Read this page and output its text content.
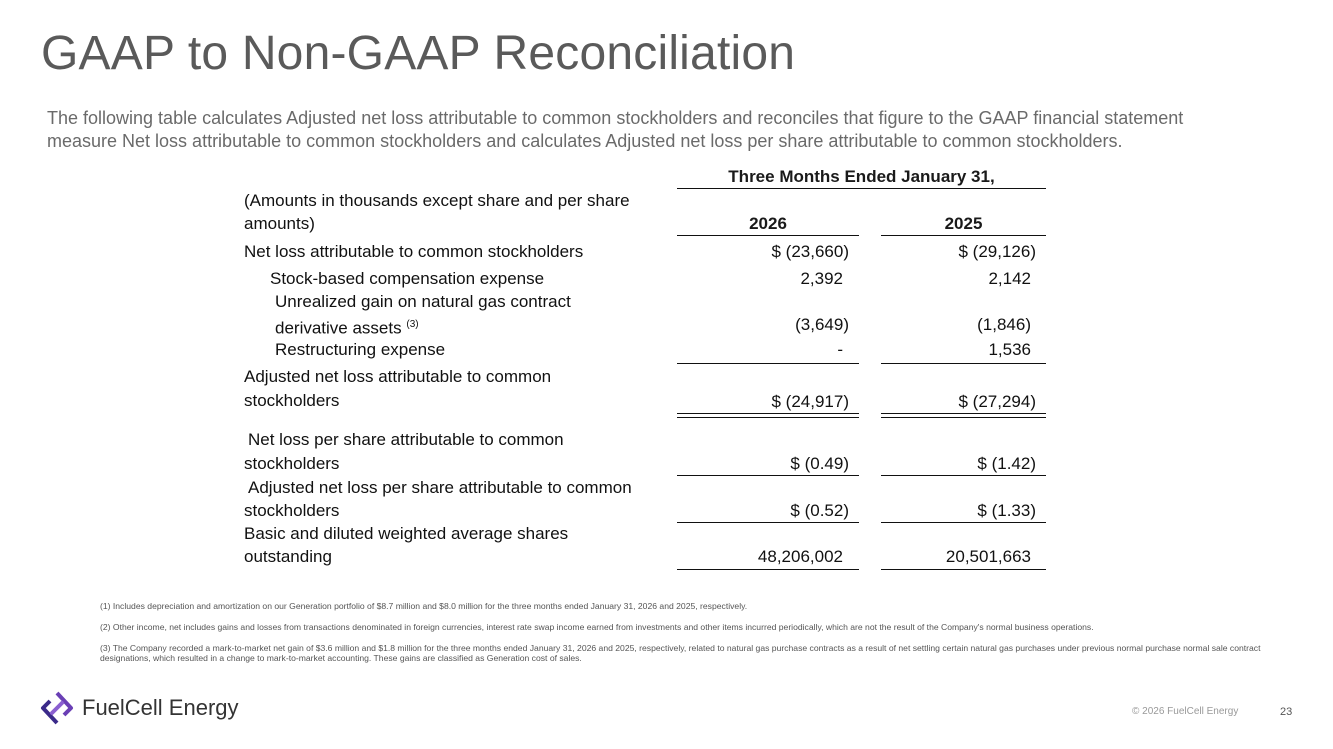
GAAP to Non-GAAP Reconciliation
The following table calculates Adjusted net loss attributable to common stockholders and reconciles that figure to the GAAP financial statement measure Net loss attributable to common stockholders and calculates Adjusted net loss per share attributable to common stockholders.
Three Months Ended January 31,
(Amounts in thousands except share and per share
amounts)	2026	2025
Net loss attributable to common stockholders	$ (23,660)	$ (29,126)
Stock-based compensation expense	2,392	2,142
Unrealized gain on natural gas contract
derivative assets $^{(3)}$	(3,649)	(1,846)
Restructuring expense	-	1,536
Adjusted net loss attributable to common
stockholders	$ (24,917)	$ (27,294)
Net loss per share attributable to common
stockholders	$ (0.49)	$ (1.42)
Adjusted net loss per share attributable to common
stockholders	$ (0.52)	$ (1.33)
Basic and diluted weighted average shares
outstanding	48,206,002	20,501,663
(1) Includes depreciation and amortization on our Generation portfolio of $8.7 million and $8.0 million for the three months ended January 31, 2026 and 2025, respectively.
(2) Other income, net includes gains and losses from transactions denominated in foreign currencies, interest rate swap income earned from investments and other items incurred periodically, which are not the result of the Company's normal business operations.
(3) The Company recorded a mark-to-market net gain of $3.6 million and $1.8 million for the three months ended January 31, 2026 and 2025, respectively, related to natural gas purchase contracts as a result of net settling certain natural gas purchases under previous normal purchase normal sale contract designations, which resulted in a change to mark-to-market accounting. These gains are classified as Generation cost of sales.
FuelCell Energy	© 2026 FuelCell Energy	23
